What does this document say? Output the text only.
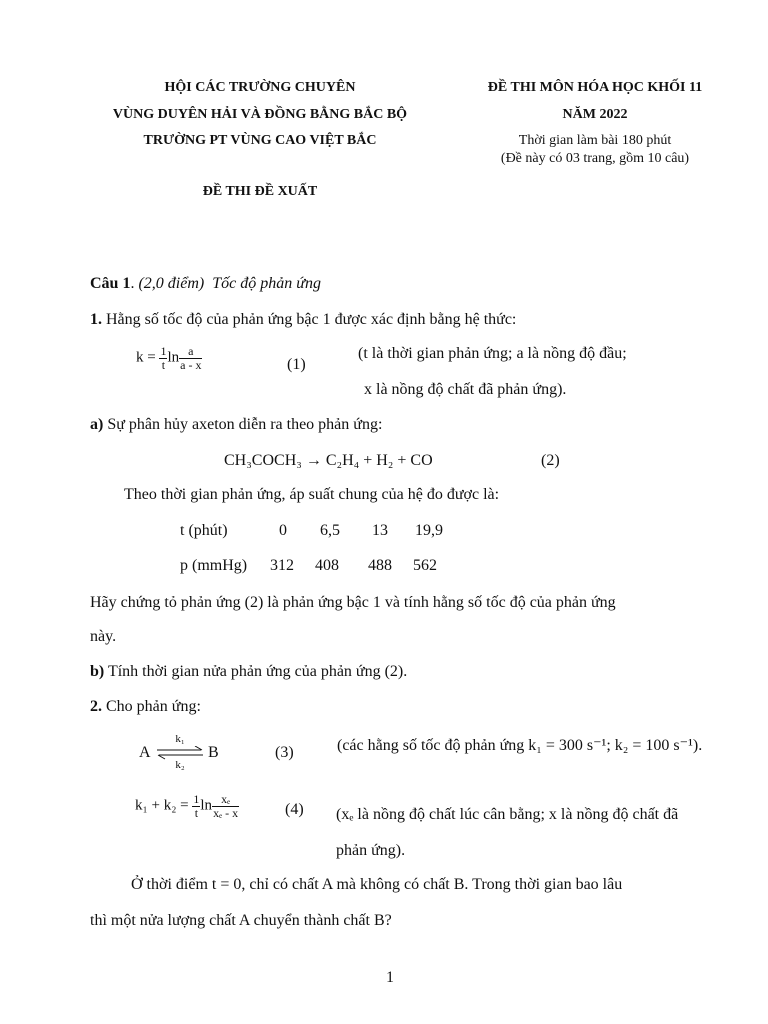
HỘI CÁC TRƯỜNG CHUYÊN
VÙNG DUYÊN HẢI VÀ ĐỒNG BẰNG BẮC BỘ
TRƯỜNG PT VÙNG CAO VIỆT BẮC
ĐỀ THI ĐỀ XUẤT
ĐỀ THI MÔN HÓA HỌC KHỐI 11
NĂM 2022
Thời gian làm bài 180 phút
(Đề này có 03 trang, gồm 10 câu)
Câu 1. (2,0 điểm) Tốc độ phản ứng
1. Hằng số tốc độ của phản ứng bậc 1 được xác định bằng hệ thức:
$k = \frac{1}{t}$ $\ln \frac{a}{a - x}$	(1)
(t là thời gian phản ứng; a là nồng độ đầu;
x là nồng độ chất đã phản ứng).
a) Sự phân hủy axeton diễn ra theo phản ứng:
CH₃COCH₃ → C₂H₄ + H₂ + CO	(2)
Theo thời gian phản ứng, áp suất chung của hệ đo được là:
t (phút)	0 6,5 13 19,9
p (mmHg) 312 408 488 562
Hãy chứng tỏ phản ứng (2) là phản ứng bậc 1 và tính hằng số tốc độ của phản ứng
này.
b) Tính thời gian nửa phản ứng của phản ứng (2).
2. Cho phản ứng:
A
k₁
k₂
B	(3)	(các hằng số tốc độ phản ứng k₁ = 300 s⁻¹; k₂ = 100 s⁻¹).
$k_1 + k_2 = \frac{1}{t}$ $\ln \frac{\text{xₑ}}{\text{xₑ - x}}$	(4) (xₑ là nồng độ chất lúc cân bằng; x là nồng độ chất đã
phản ứng).
Ở thời điểm t = 0, chỉ có chất A mà không có chất B. Trong thời gian bao lâu
thì một nửa lượng chất A chuyển thành chất B?
1
